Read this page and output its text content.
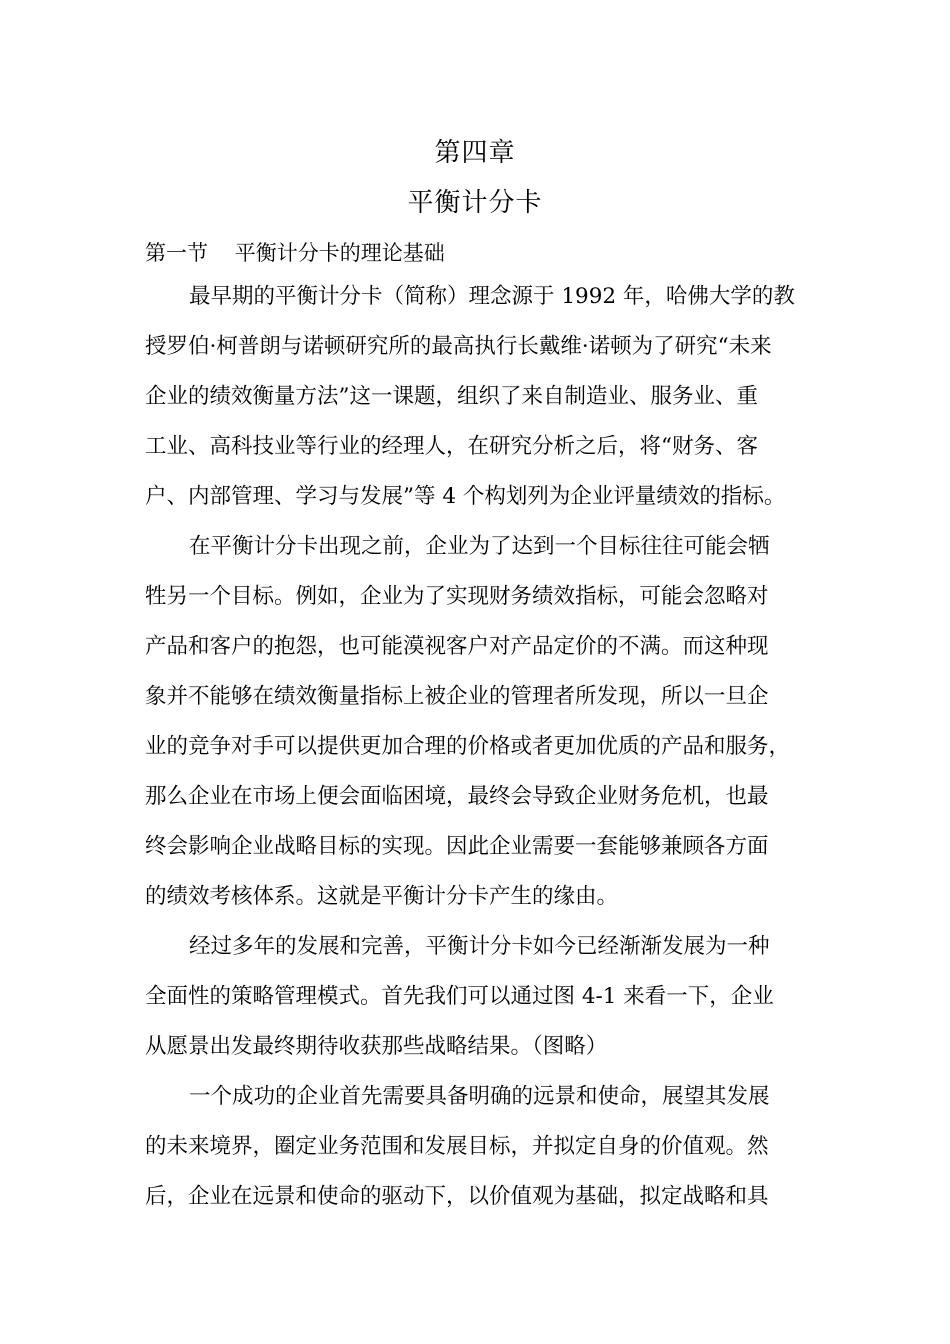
第四章
平衡计分卡
第一节    平衡计分卡的理论基础
最早期的平衡计分卡（简称）理念源于 1992 年，哈佛大学的教
授罗伯·柯普朗与诺顿研究所的最高执行长戴维·诺顿为了研究“未来
企业的绩效衡量方法”这一课题，组织了来自制造业、服务业、重
工业、高科技业等行业的经理人，在研究分析之后，将“财务、客
户、内部管理、学习与发展”等 4 个构划列为企业评量绩效的指标。
在平衡计分卡出现之前，企业为了达到一个目标往往可能会牺
牲另一个目标。例如，企业为了实现财务绩效指标，可能会忽略对
产品和客户的抱怨，也可能漠视客户对产品定价的不满。而这种现
象并不能够在绩效衡量指标上被企业的管理者所发现，所以一旦企
业的竞争对手可以提供更加合理的价格或者更加优质的产品和服务，
那么企业在市场上便会面临困境，最终会导致企业财务危机，也最
终会影响企业战略目标的实现。因此企业需要一套能够兼顾各方面
的绩效考核体系。这就是平衡计分卡产生的缘由。
经过多年的发展和完善，平衡计分卡如今已经渐渐发展为一种
全面性的策略管理模式。首先我们可以通过图 4-1 来看一下，企业
从愿景出发最终期待收获那些战略结果。（图略）
一个成功的企业首先需要具备明确的远景和使命，展望其发展
的未来境界，圈定业务范围和发展目标，并拟定自身的价值观。然
后，企业在远景和使命的驱动下，以价值观为基础，拟定战略和具
